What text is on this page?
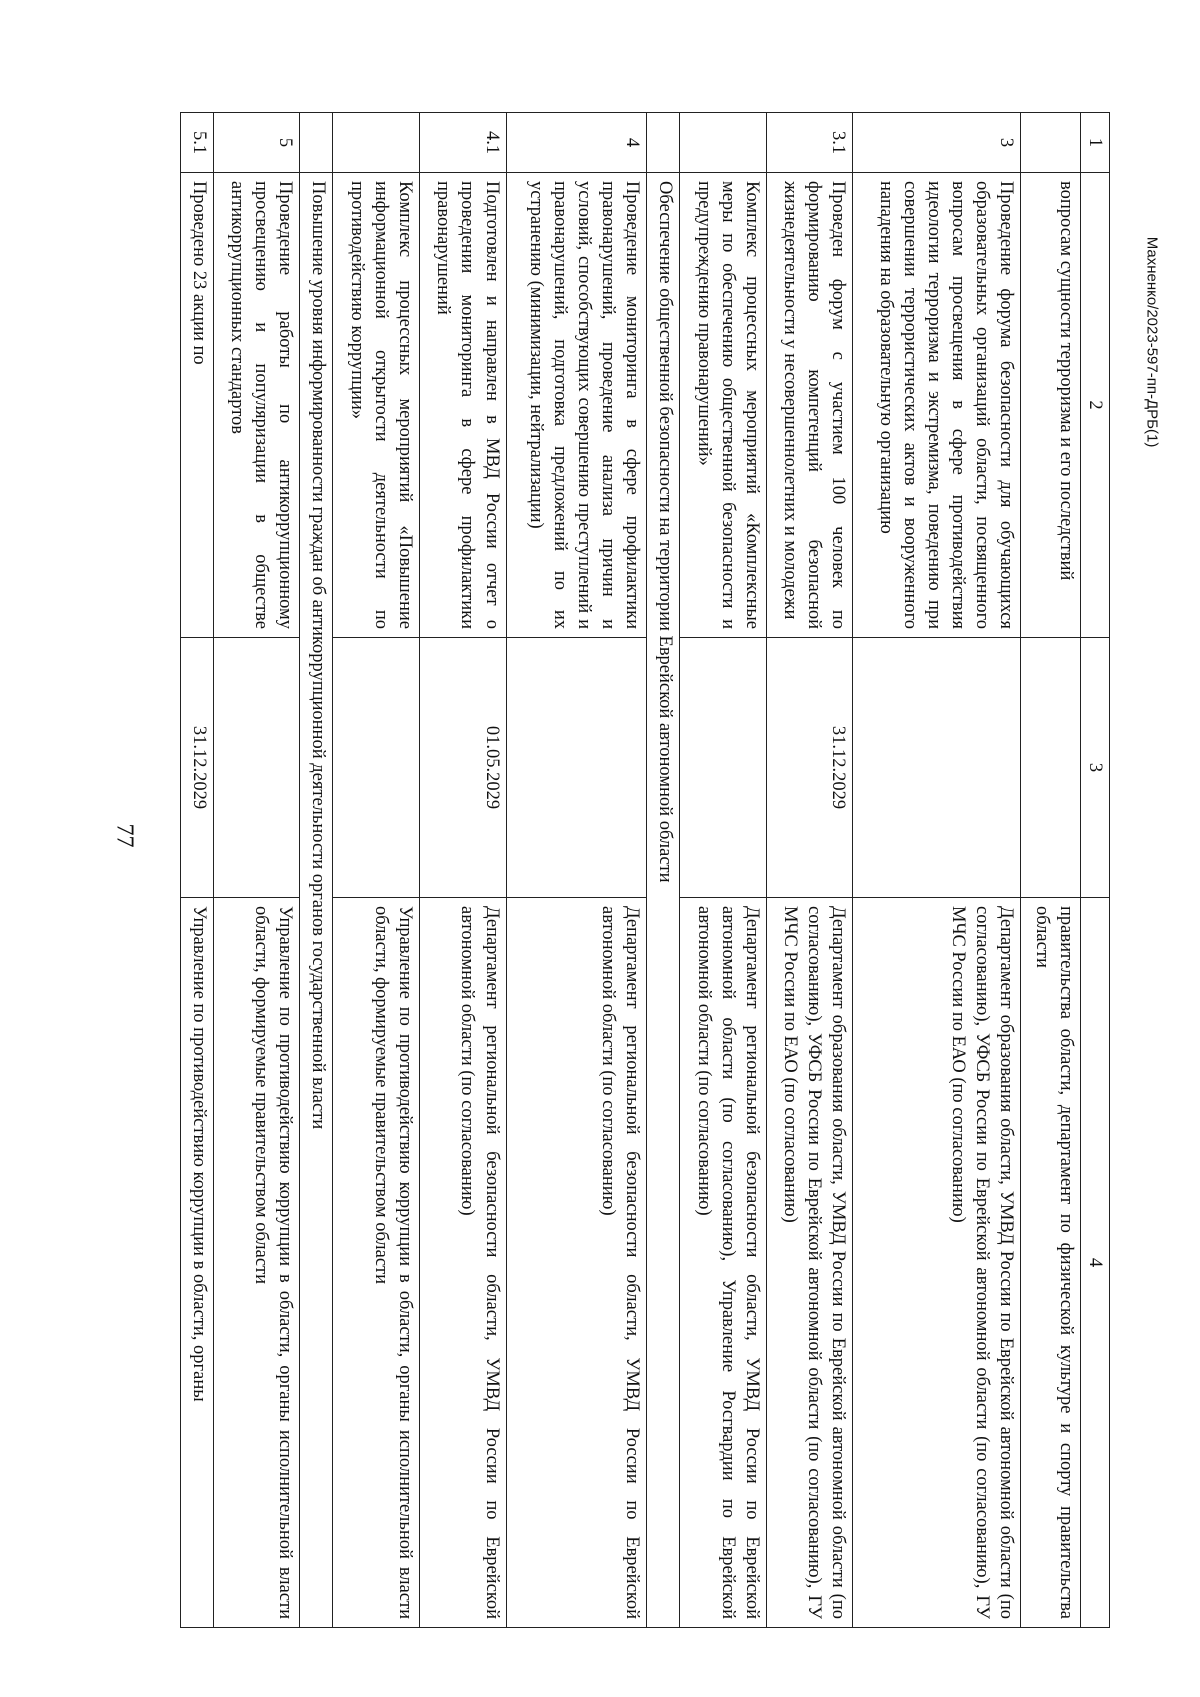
77
Махненко/2023-597-пп-ДРБ(1)
1	2	3	4
	вопросам сущности терроризма и его последствий		правительства области, департамент по физической культуре и спорту правительства области
3	Проведение форума безопасности для обучающихся образовательных организаций области, посвященного вопросам просвещения в сфере противодействия идеологии терроризма и экстремизма, поведению при совершении террористических актов и вооруженного нападения на образовательную организацию		Департамент образования области, УМВД России по Еврейской автономной области (по согласованию), УФСБ России по Еврейской автономной области (по согласованию), ГУ МЧС России по ЕАО (по согласованию)
3.1	Проведен форум с участием 100 человек по формированию компетенций безопасной жизнедеятельности у несовершеннолетних и молодежи	31.12.2029	Департамент образования области, УМВД России по Еврейской автономной области (по согласованию), УФСБ России по Еврейской автономной области (по согласованию), ГУ МЧС России по ЕАО (по согласованию)
	Комплекс процессных мероприятий «Комплексные меры по обеспечению общественной безопасности и предупреждению правонарушений»		Департамент региональной безопасности области, УМВД России по Еврейской автономной области (по согласованию), Управление Росгвардии по Еврейской автономной области (по согласованию)
	Обеспечение общественной безопасности на территории Еврейской автономной области		
4	Проведение мониторинга в сфере профилактики правонарушений, проведение анализа причин и условий, способствующих совершению преступлений и правонарушений, подготовка предложений по их устранению (минимизации, нейтрализации)		Департамент региональной безопасности области, УМВД России по Еврейской автономной области (по согласованию)
4.1	Подготовлен и направлен в МВД России отчет о проведении мониторинга в сфере профилактики правонарушений	01.05.2029	Департамент региональной безопасности области, УМВД России по Еврейской автономной области (по согласованию)
	Комплекс процессных мероприятий «Повышение информационной открытости деятельности по противодействию коррупции»		Управление по противодействию коррупции в области, органы исполнительной власти области, формируемые правительством области
	Повышение уровня информированности граждан об антикоррупционной деятельности органов государственной власти		
5	Проведение работы по антикоррупционному просвещению и популяризации в обществе антикоррупционных стандартов		Управление по противодействию коррупции в области, органы исполнительной власти области, формируемые правительством области
5.1	Проведено 23 акции по	31.12.2029	Управление по противодействию коррупции в области, органы
